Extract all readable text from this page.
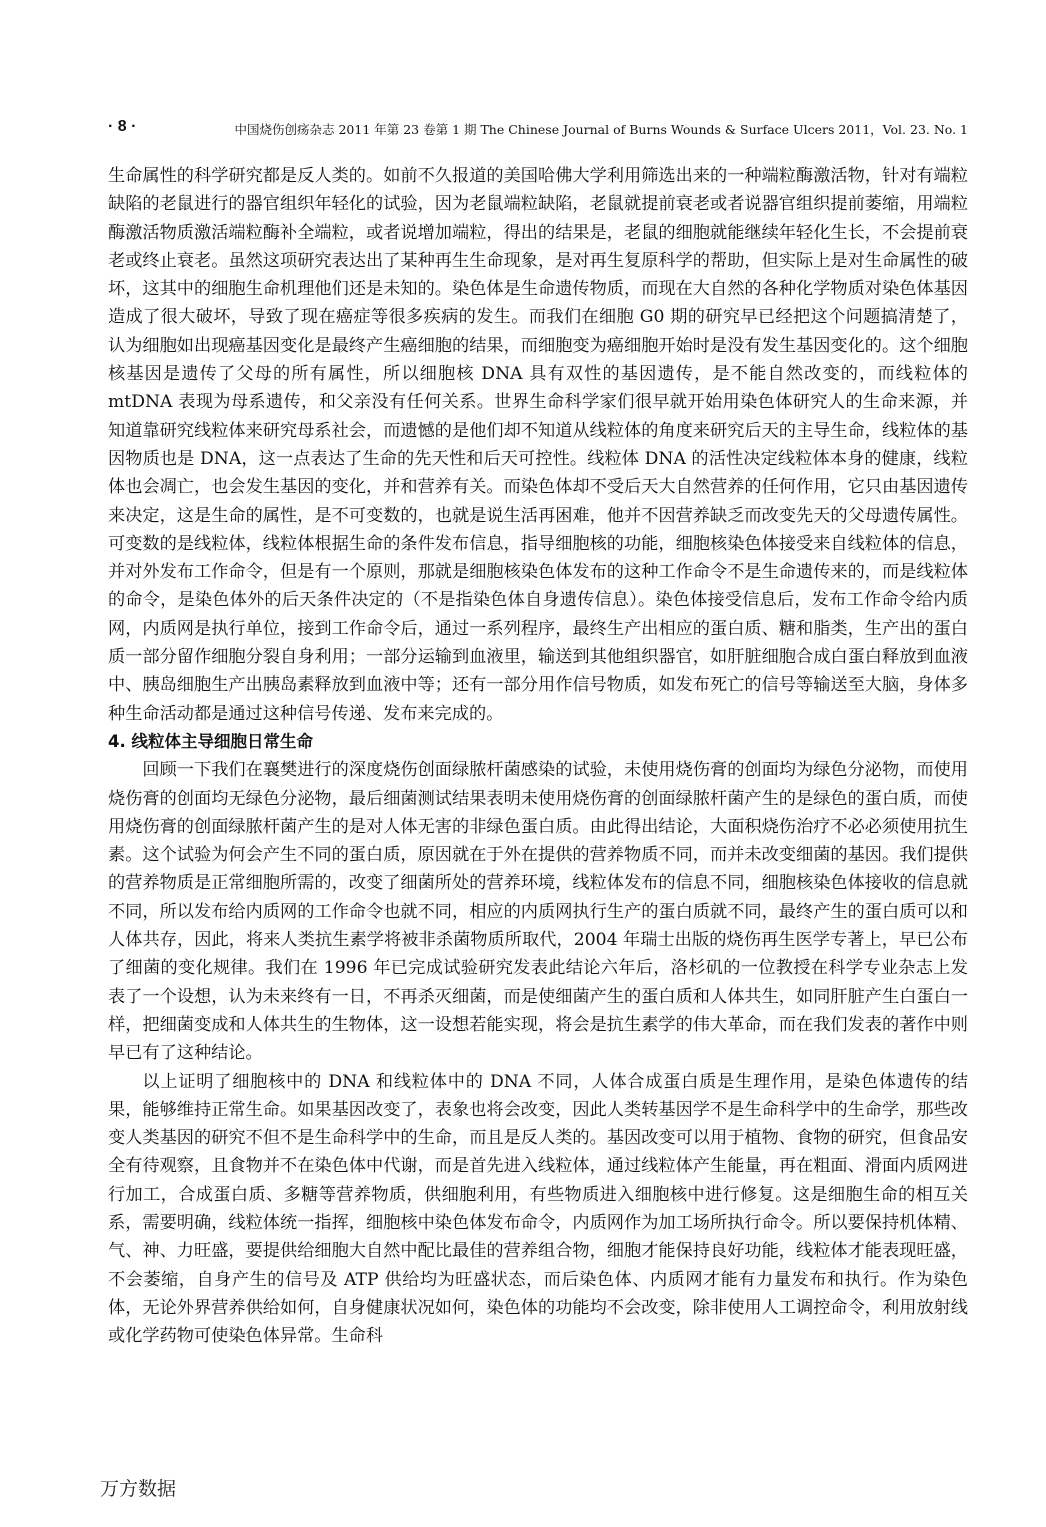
· 8 ·	中国烧伤创疡杂志 2011 年第 23 卷第 1 期 The Chinese Journal of Burns Wounds & Surface Ulcers 2011，Vol. 23. No. 1

生命属性的科学研究都是反人类的。如前不久报道的美国哈佛大学利用筛选出来的一种端粒酶激活物，针对有端粒缺陷的老鼠进行的器官组织年轻化的试验，因为老鼠端粒缺陷，老鼠就提前衰老或者说器官组织提前萎缩，用端粒酶激活物质激活端粒酶补全端粒，或者说增加端粒，得出的结果是，老鼠的细胞就能继续年轻化生长，不会提前衰老或终止衰老。虽然这项研究表达出了某种再生生命现象，是对再生复原科学的帮助，但实际上是对生命属性的破坏，这其中的细胞生命机理他们还是未知的。染色体是生命遗传物质，而现在大自然的各种化学物质对染色体基因造成了很大破坏，导致了现在癌症等很多疾病的发生。而我们在细胞 G0 期的研究早已经把这个问题搞清楚了，认为细胞如出现癌基因变化是最终产生癌细胞的结果，而细胞变为癌细胞开始时是没有发生基因变化的。这个细胞核基因是遗传了父母的所有属性，所以细胞核 DNA 具有双性的基因遗传，是不能自然改变的，而线粒体的 mtDNA 表现为母系遗传，和父亲没有任何关系。世界生命科学家们很早就开始用染色体研究人的生命来源，并知道靠研究线粒体来研究母系社会，而遗憾的是他们却不知道从线粒体的角度来研究后天的主导生命，线粒体的基因物质也是 DNA，这一点表达了生命的先天性和后天可控性。线粒体 DNA 的活性决定线粒体本身的健康，线粒体也会凋亡，也会发生基因的变化，并和营养有关。而染色体却不受后天大自然营养的任何作用，它只由基因遗传来决定，这是生命的属性，是不可变数的，也就是说生活再困难，他并不因营养缺乏而改变先天的父母遗传属性。可变数的是线粒体，线粒体根据生命的条件发布信息，指导细胞核的功能，细胞核染色体接受来自线粒体的信息，并对外发布工作命令，但是有一个原则，那就是细胞核染色体发布的这种工作命令不是生命遗传来的，而是线粒体的命令，是染色体外的后天条件决定的（不是指染色体自身遗传信息）。染色体接受信息后，发布工作命令给内质网，内质网是执行单位，接到工作命令后，通过一系列程序，最终生产出相应的蛋白质、糖和脂类，生产出的蛋白质一部分留作细胞分裂自身利用；一部分运输到血液里，输送到其他组织器官，如肝脏细胞合成白蛋白释放到血液中、胰岛细胞生产出胰岛素释放到血液中等；还有一部分用作信号物质，如发布死亡的信号等输送至大脑，身体多种生命活动都是通过这种信号传递、发布来完成的。

4. 线粒体主导细胞日常生命

回顾一下我们在襄樊进行的深度烧伤创面绿脓杆菌感染的试验，未使用烧伤膏的创面均为绿色分泌物，而使用烧伤膏的创面均无绿色分泌物，最后细菌测试结果表明未使用烧伤膏的创面绿脓杆菌产生的是绿色的蛋白质，而使用烧伤膏的创面绿脓杆菌产生的是对人体无害的非绿色蛋白质。由此得出结论，大面积烧伤治疗不必必须使用抗生素。这个试验为何会产生不同的蛋白质，原因就在于外在提供的营养物质不同，而并未改变细菌的基因。我们提供的营养物质是正常细胞所需的，改变了细菌所处的营养环境，线粒体发布的信息不同，细胞核染色体接收的信息就不同，所以发布给内质网的工作命令也就不同，相应的内质网执行生产的蛋白质就不同，最终产生的蛋白质可以和人体共存，因此，将来人类抗生素学将被非杀菌物质所取代，2004 年瑞士出版的烧伤再生医学专著上，早已公布了细菌的变化规律。我们在 1996 年已完成试验研究发表此结论六年后，洛杉矶的一位教授在科学专业杂志上发表了一个设想，认为未来终有一日，不再杀灭细菌，而是使细菌产生的蛋白质和人体共生，如同肝脏产生白蛋白一样，把细菌变成和人体共生的生物体，这一设想若能实现，将会是抗生素学的伟大革命，而在我们发表的著作中则早已有了这种结论。

以上证明了细胞核中的 DNA 和线粒体中的 DNA 不同，人体合成蛋白质是生理作用，是染色体遗传的结果，能够维持正常生命。如果基因改变了，表象也将会改变，因此人类转基因学不是生命科学中的生命学，那些改变人类基因的研究不但不是生命科学中的生命，而且是反人类的。基因改变可以用于植物、食物的研究，但食品安全有待观察，且食物并不在染色体中代谢，而是首先进入线粒体，通过线粒体产生能量，再在粗面、滑面内质网进行加工，合成蛋白质、多糖等营养物质，供细胞利用，有些物质进入细胞核中进行修复。这是细胞生命的相互关系，需要明确，线粒体统一指挥，细胞核中染色体发布命令，内质网作为加工场所执行命令。所以要保持机体精、气、神、力旺盛，要提供给细胞大自然中配比最佳的营养组合物，细胞才能保持良好功能，线粒体才能表现旺盛，不会萎缩，自身产生的信号及 ATP 供给均为旺盛状态，而后染色体、内质网才能有力量发布和执行。作为染色体，无论外界营养供给如何，自身健康状况如何，染色体的功能均不会改变，除非使用人工调控命令，利用放射线或化学药物可使染色体异常。生命科

万方数据
